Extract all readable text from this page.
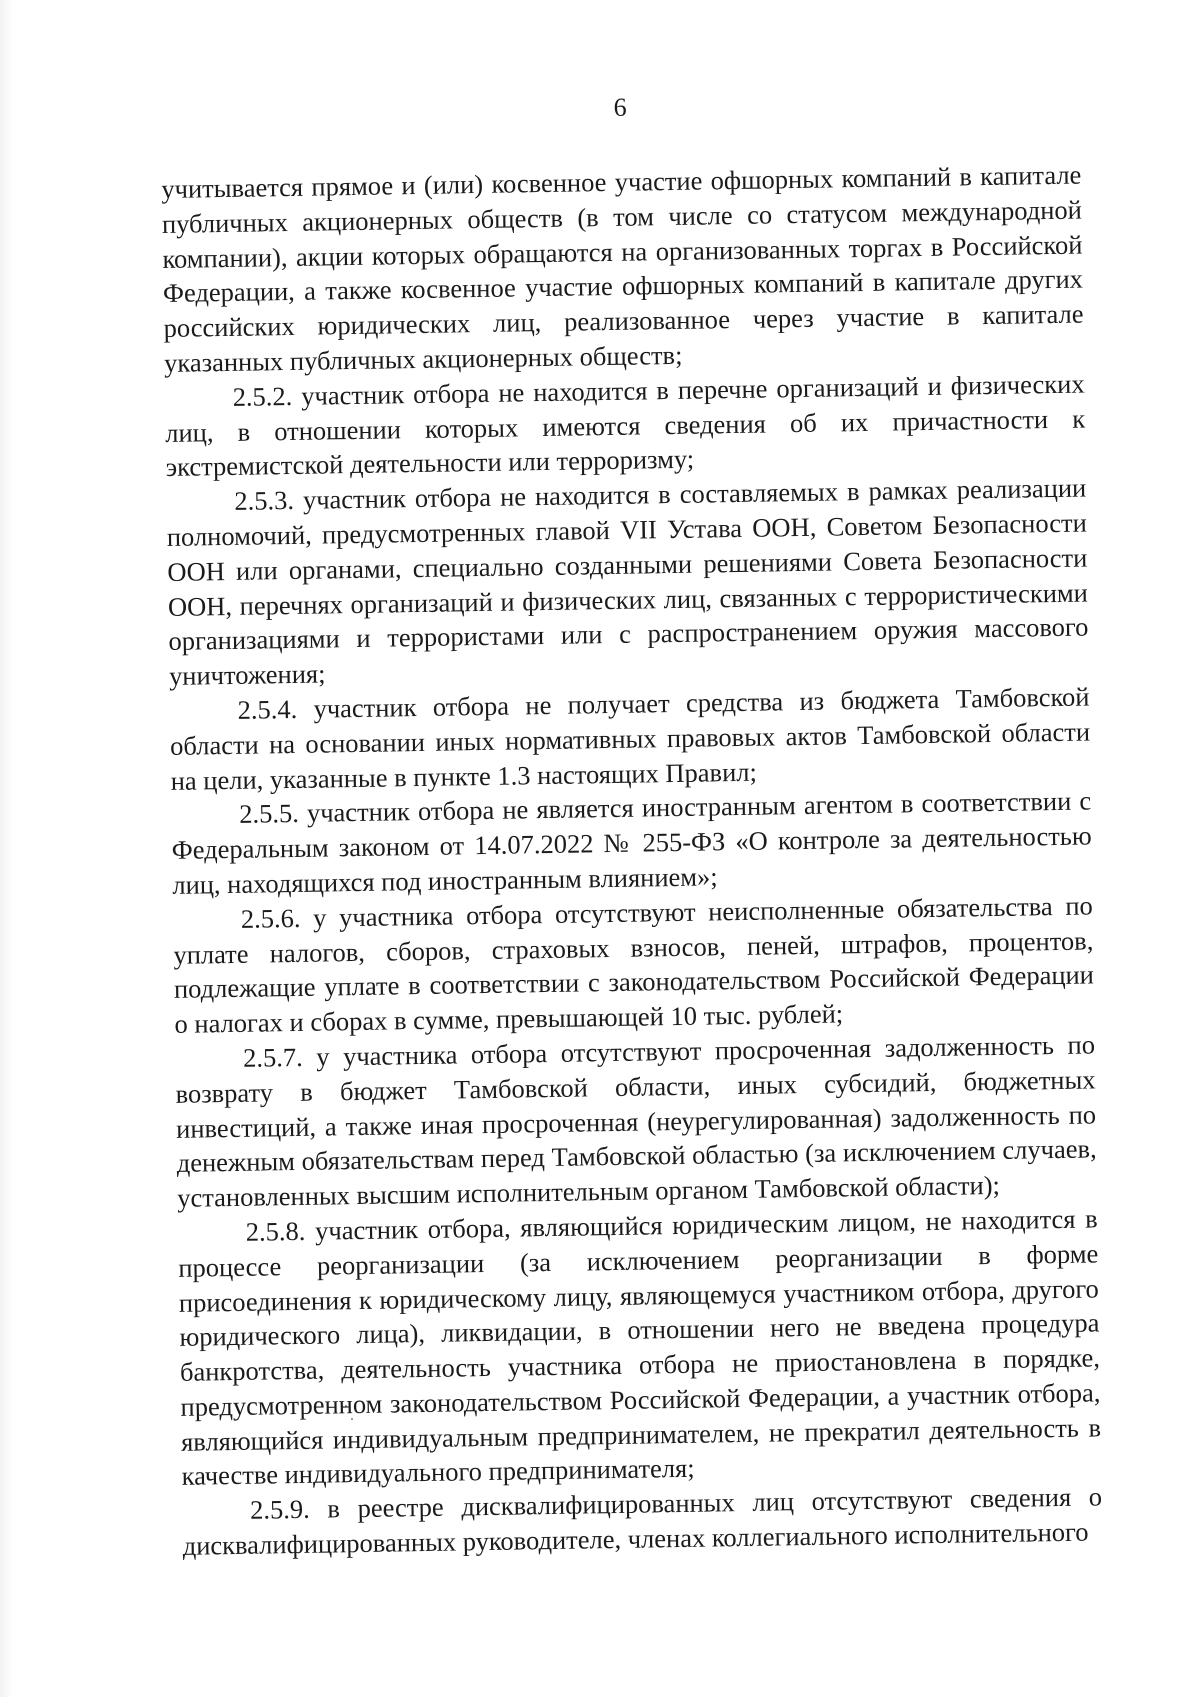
6

учитывается прямое и (или) косвенное участие офшорных компаний в капитале публичных акционерных обществ (в том числе со статусом международной компании), акции которых обращаются на организованных торгах в Российской Федерации, а также косвенное участие офшорных компаний в капитале других российских юридических лиц, реализованное через участие в капитале указанных публичных акционерных обществ;

2.5.2. участник отбора не находится в перечне организаций и физических лиц, в отношении которых имеются сведения об их причастности к экстремистской деятельности или терроризму;

2.5.3. участник отбора не находится в составляемых в рамках реализации полномочий, предусмотренных главой VII Устава ООН, Советом Безопасности ООН или органами, специально созданными решениями Совета Безопасности ООН, перечнях организаций и физических лиц, связанных с террористическими организациями и террористами или с распространением оружия массового уничтожения;

2.5.4. участник отбора не получает средства из бюджета Тамбовской области на основании иных нормативных правовых актов Тамбовской области на цели, указанные в пункте 1.3 настоящих Правил;

2.5.5. участник отбора не является иностранным агентом в соответствии с Федеральным законом от 14.07.2022 № 255-ФЗ «О контроле за деятельностью лиц, находящихся под иностранным влиянием»;

2.5.6. у участника отбора отсутствуют неисполненные обязательства по уплате налогов, сборов, страховых взносов, пеней, штрафов, процентов, подлежащие уплате в соответствии с законодательством Российской Федерации о налогах и сборах в сумме, превышающей 10 тыс. рублей;

2.5.7. у участника отбора отсутствуют просроченная задолженность по возврату в бюджет Тамбовской области, иных субсидий, бюджетных инвестиций, а также иная просроченная (неурегулированная) задолженность по денежным обязательствам перед Тамбовской областью (за исключением случаев, установленных высшим исполнительным органом Тамбовской области);

2.5.8. участник отбора, являющийся юридическим лицом, не находится в процессе реорганизации (за исключением реорганизации в форме присоединения к юридическому лицу, являющемуся участником отбора, другого юридического лица), ликвидации, в отношении него не введена процедура банкротства, деятельность участника отбора не приостановлена в порядке, предусмотренном законодательством Российской Федерации, а участник отбора, являющийся индивидуальным предпринимателем, не прекратил деятельность в качестве индивидуального предпринимателя;

2.5.9. в реестре дисквалифицированных лиц отсутствуют сведения о дисквалифицированных руководителе, членах коллегиального исполнительного
